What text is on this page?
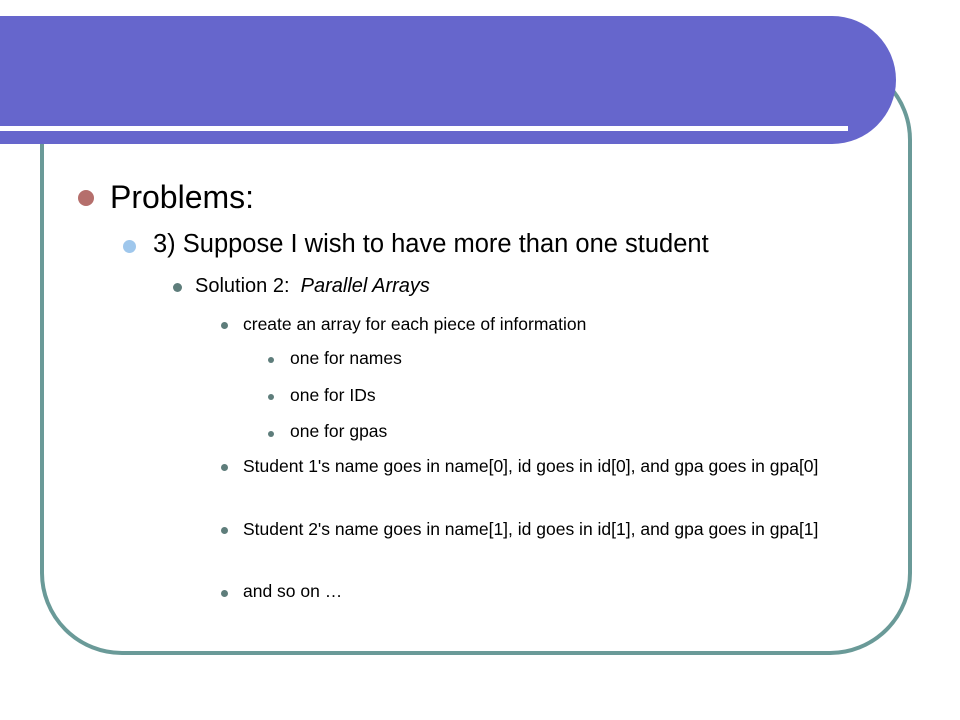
Problems:
3) Suppose I wish to have more than one student
Solution 2:  Parallel Arrays
create an array for each piece of information
one for names
one for IDs
one for gpas
Student 1's name goes in name[0], id goes in id[0], and gpa goes in gpa[0]
Student 2's name goes in name[1], id goes in id[1], and gpa goes in gpa[1]
and so on …
